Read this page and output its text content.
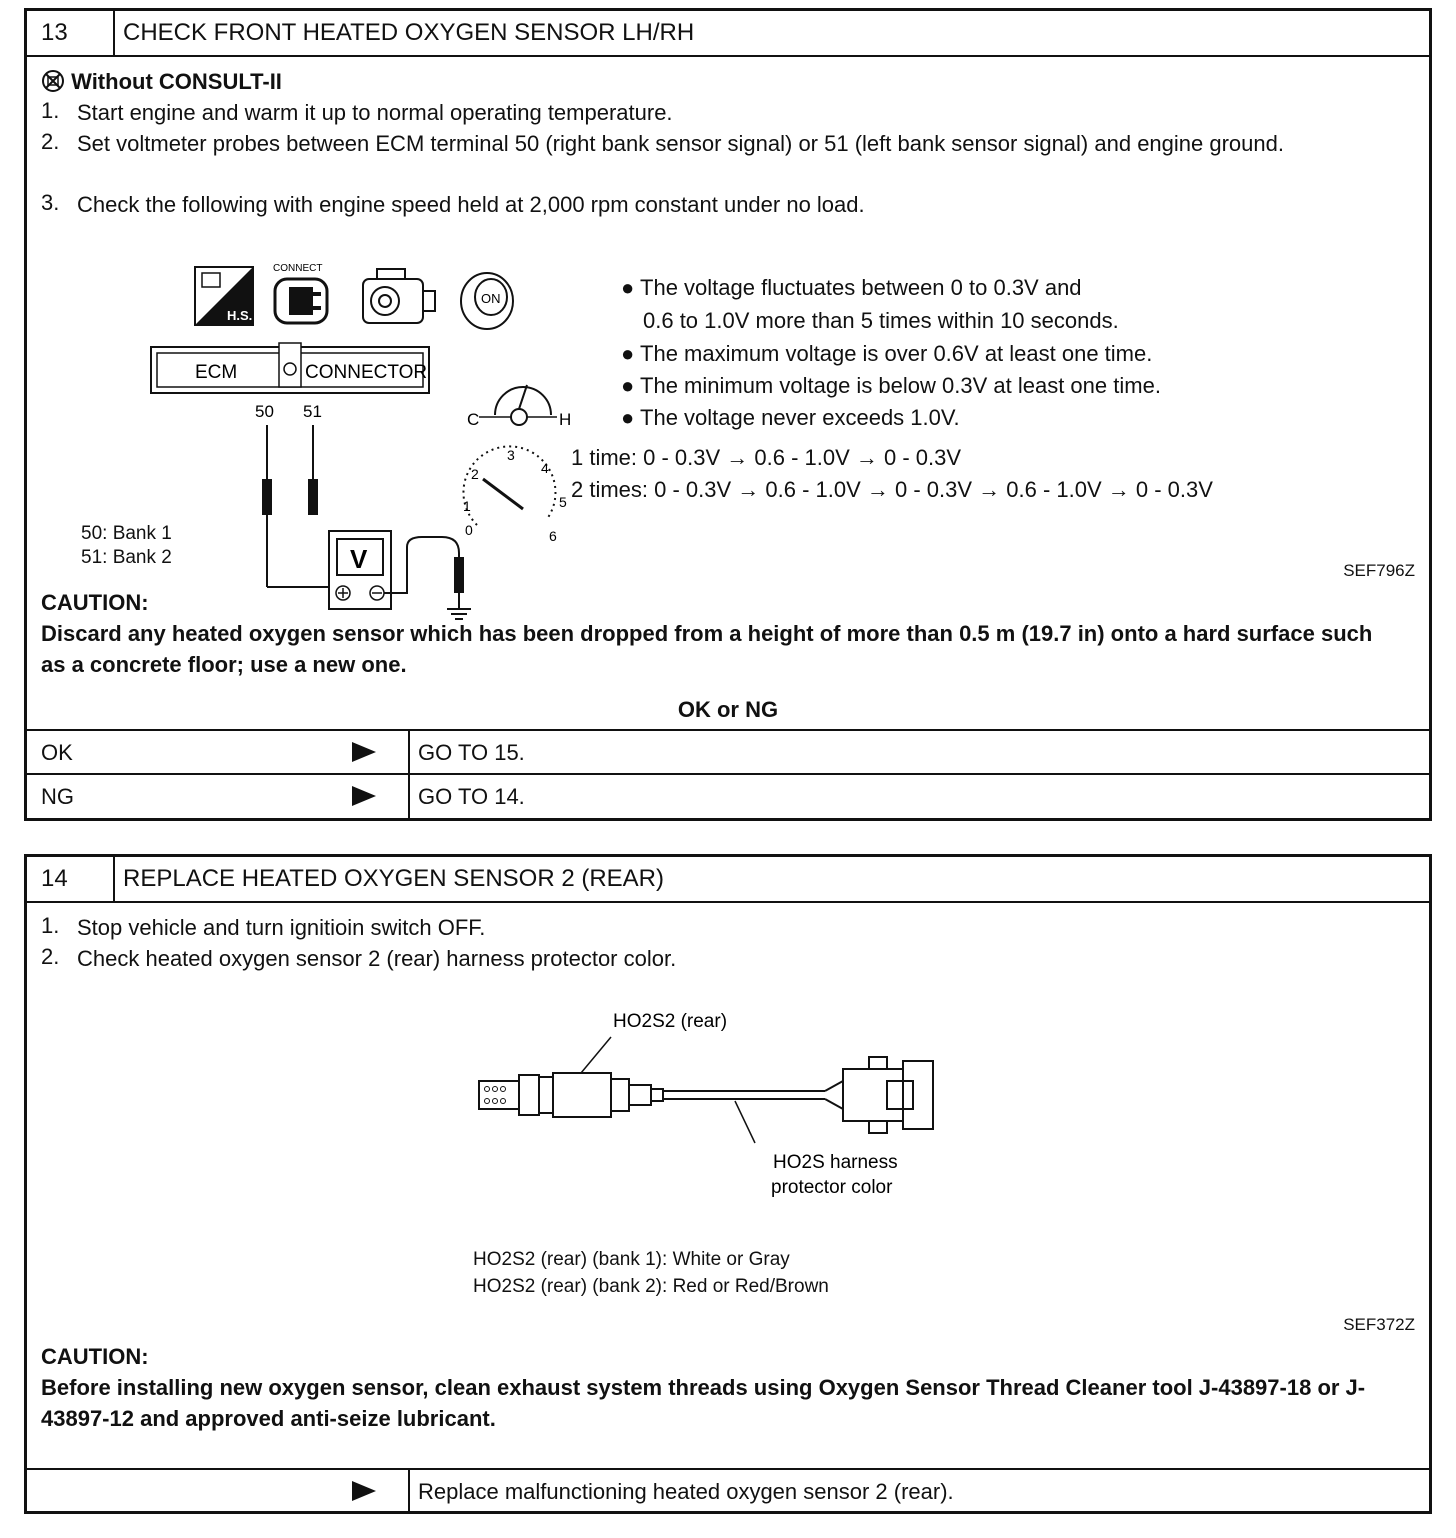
13	CHECK FRONT HEATED OXYGEN SENSOR LH/RH
Without CONSULT-II
1. Start engine and warm it up to normal operating temperature.
2. Set voltmeter probes between ECM terminal 50 (right bank sensor signal) or 51 (left bank sensor signal) and engine ground.
3. Check the following with engine speed held at 2,000 rpm constant under no load.
H.S.
CONNECT
ON
ECM	CONNECTOR
50 51
V
C	H
0
1
2
3
4
5
6
50: Bank 1
51: Bank 2
● The voltage fluctuates between 0 to 0.3V and
0.6 to 1.0V more than 5 times within 10 seconds.
● The maximum voltage is over 0.6V at least one time.
● The minimum voltage is below 0.3V at least one time.
● The voltage never exceeds 1.0V.
1 time: 0 - 0.3V → 0.6 - 1.0V → 0 - 0.3V
2 times: 0 - 0.3V → 0.6 - 1.0V → 0 - 0.3V → 0.6 - 1.0V → 0 - 0.3V
SEF796Z
CAUTION:
Discard any heated oxygen sensor which has been dropped from a height of more than 0.5 m (19.7 in) onto a hard surface such as a concrete floor; use a new one.
OK or NG
OK	GO TO 15.
NG	GO TO 14.
14	REPLACE HEATED OXYGEN SENSOR 2 (REAR)
1. Stop vehicle and turn ignitioin switch OFF.
2. Check heated oxygen sensor 2 (rear) harness protector color.
HO2S2 (rear)
HO2S harness
protector color
HO2S2 (rear) (bank 1): White or Gray
HO2S2 (rear) (bank 2): Red or Red/Brown
SEF372Z
CAUTION:
Before installing new oxygen sensor, clean exhaust system threads using Oxygen Sensor Thread Cleaner tool J-43897-18 or J-43897-12 and approved anti-seize lubricant.
Replace malfunctioning heated oxygen sensor 2 (rear).
